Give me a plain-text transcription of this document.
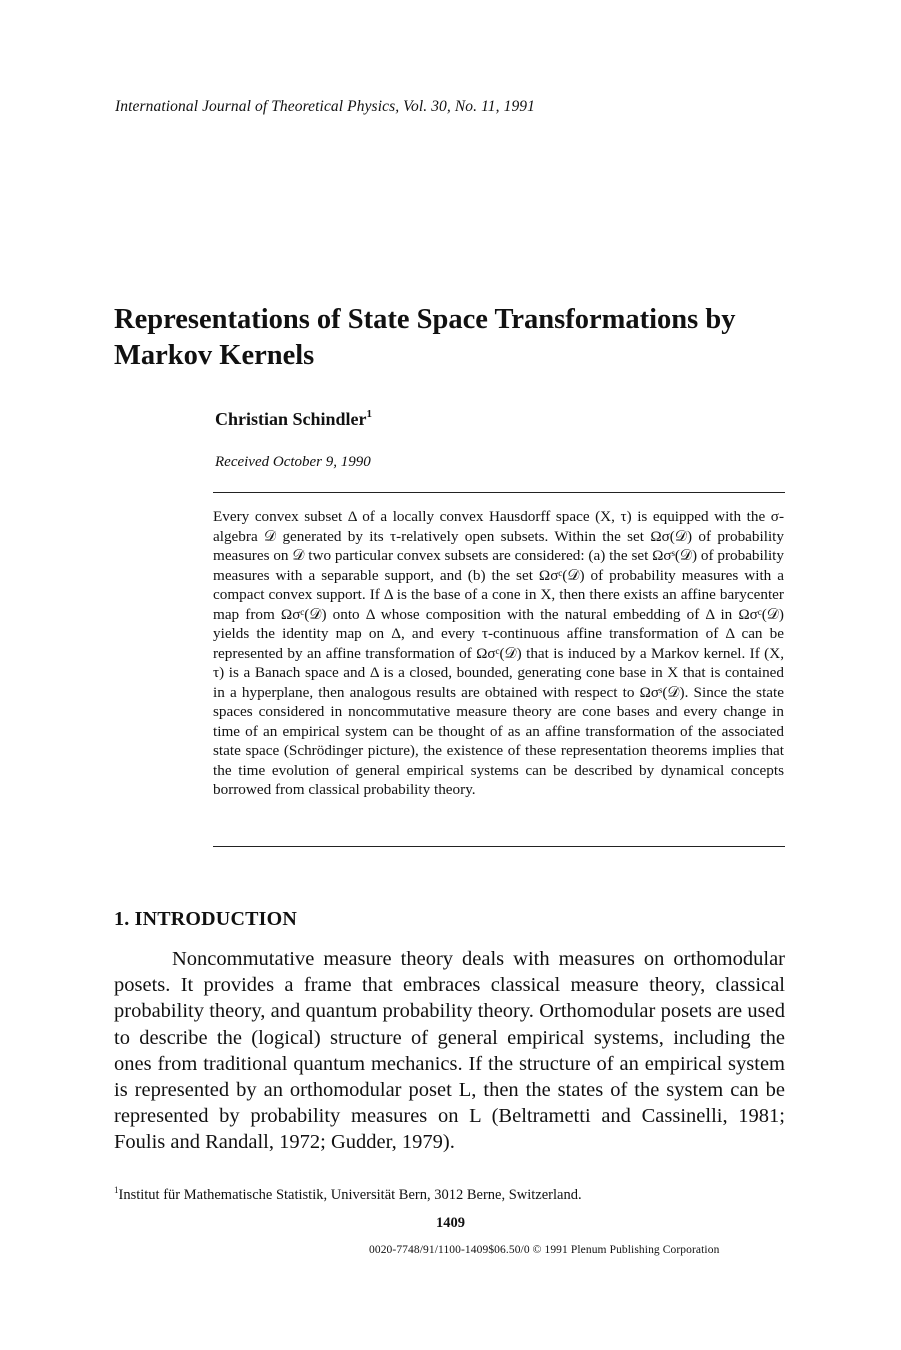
International Journal of Theoretical Physics, Vol. 30, No. 11, 1991
Representations of State Space Transformations by Markov Kernels
Christian Schindler$^1$
Received October 9, 1990
Every convex subset Δ of a locally convex Hausdorff space (X, τ) is equipped with the σ-algebra 𝒟 generated by its τ-relatively open subsets. Within the set Ωσ(𝒟) of probability measures on 𝒟 two particular convex subsets are considered: (a) the set Ωσˢ(𝒟) of probability measures with a separable support, and (b) the set Ωσᶜ(𝒟) of probability measures with a compact convex support. If Δ is the base of a cone in X, then there exists an affine barycenter map from Ωσᶜ(𝒟) onto Δ whose composition with the natural embedding of Δ in Ωσᶜ(𝒟) yields the identity map on Δ, and every τ-continuous affine transformation of Δ can be represented by an affine transformation of Ωσᶜ(𝒟) that is induced by a Markov kernel. If (X, τ) is a Banach space and Δ is a closed, bounded, generating cone base in X that is contained in a hyperplane, then analogous results are obtained with respect to Ωσˢ(𝒟). Since the state spaces considered in noncommutative measure theory are cone bases and every change in time of an empirical system can be thought of as an affine transformation of the associated state space (Schrödinger picture), the existence of these representation theorems implies that the time evolution of general empirical systems can be described by dynamical concepts borrowed from classical probability theory.
1. INTRODUCTION
Noncommutative measure theory deals with measures on orthomodular posets. It provides a frame that embraces classical measure theory, classical probability theory, and quantum probability theory. Orthomodular posets are used to describe the (logical) structure of general empirical systems, including the ones from traditional quantum mechanics. If the structure of an empirical system is represented by an orthomodular poset L, then the states of the system can be represented by probability measures on L (Beltrametti and Cassinelli, 1981; Foulis and Randall, 1972; Gudder, 1979).
$^1$Institut für Mathematische Statistik, Universität Bern, 3012 Berne, Switzerland.
1409
0020-7748/91/1100-1409$06.50/0 © 1991 Plenum Publishing Corporation
